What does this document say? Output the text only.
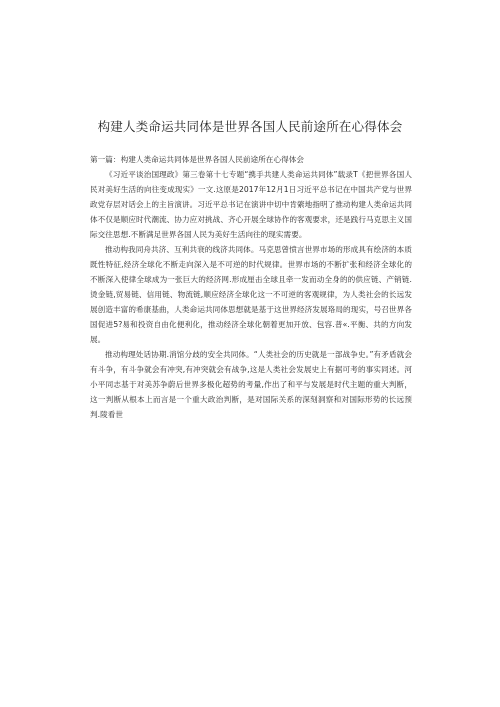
构建人类命运共同体是世界各国人民前途所在心得体会

第一篇：构建人类命运共同体是世界各国人民前途所在心得体会

《习近平谈治国理政》第三卷第十七专题“携手共建人类命运共同体”载录T《把世界各国人民对美好生活的向往变成现实》一文.这原是2017年12月1日习近平总书记在中国共产党与世界政党存层对话会上的主旨演讲。习近平总书记在演讲中切中肯綮地指明了推动构建人类命运共同体不仅是顺应时代潮流、协力应对挑战、齐心开展全球协作的客观要求，还是践行马克思主义国际交往思想.不断满足世界各国人民为美好生活向往的现实需要。

推动构我同舟共济、互利共衰的线济共同体。马克思曾愤言世界市场的形成具有绘济的本质既性特征,经济全球化不断走向深入是不可逆的时代规律。世界市场的不断扩张和经济全球化的不断深入使律全球成为一张巨大的经济网.形成厘击全球且牵一发而动全身的的供应链、产销链.烫金链,贸易链、信用链、物流链,顺应经济全球化这一不可逆的客观规律，为人类社会的长远发展创造丰富的希康基曲，人类命运共同体思想就是基于这世界经济发展珞局的现实，号召世界各国促进5?易和投资自由化便利化，推动经济全球化朝着更加开放、包容.普«.平衡、共的方向发展。

推动构理处话协期.消馆分歧的安全共同体。“人类社会的历史就是一部战争史。”有矛盾就会有斗争，有斗争就会有冲突,有冲突就会有战争,这是人类社会发展史上有据可考的事实同述。河小平同志基于对美苏争蔚后世界多极化超势的考量,作出了和平与发展是时代主题的重大判断，这一判断从根本上而言是一个重大政治判断，是对国际关系的深刻洞察和对国际形势的长远预判.陵看世
